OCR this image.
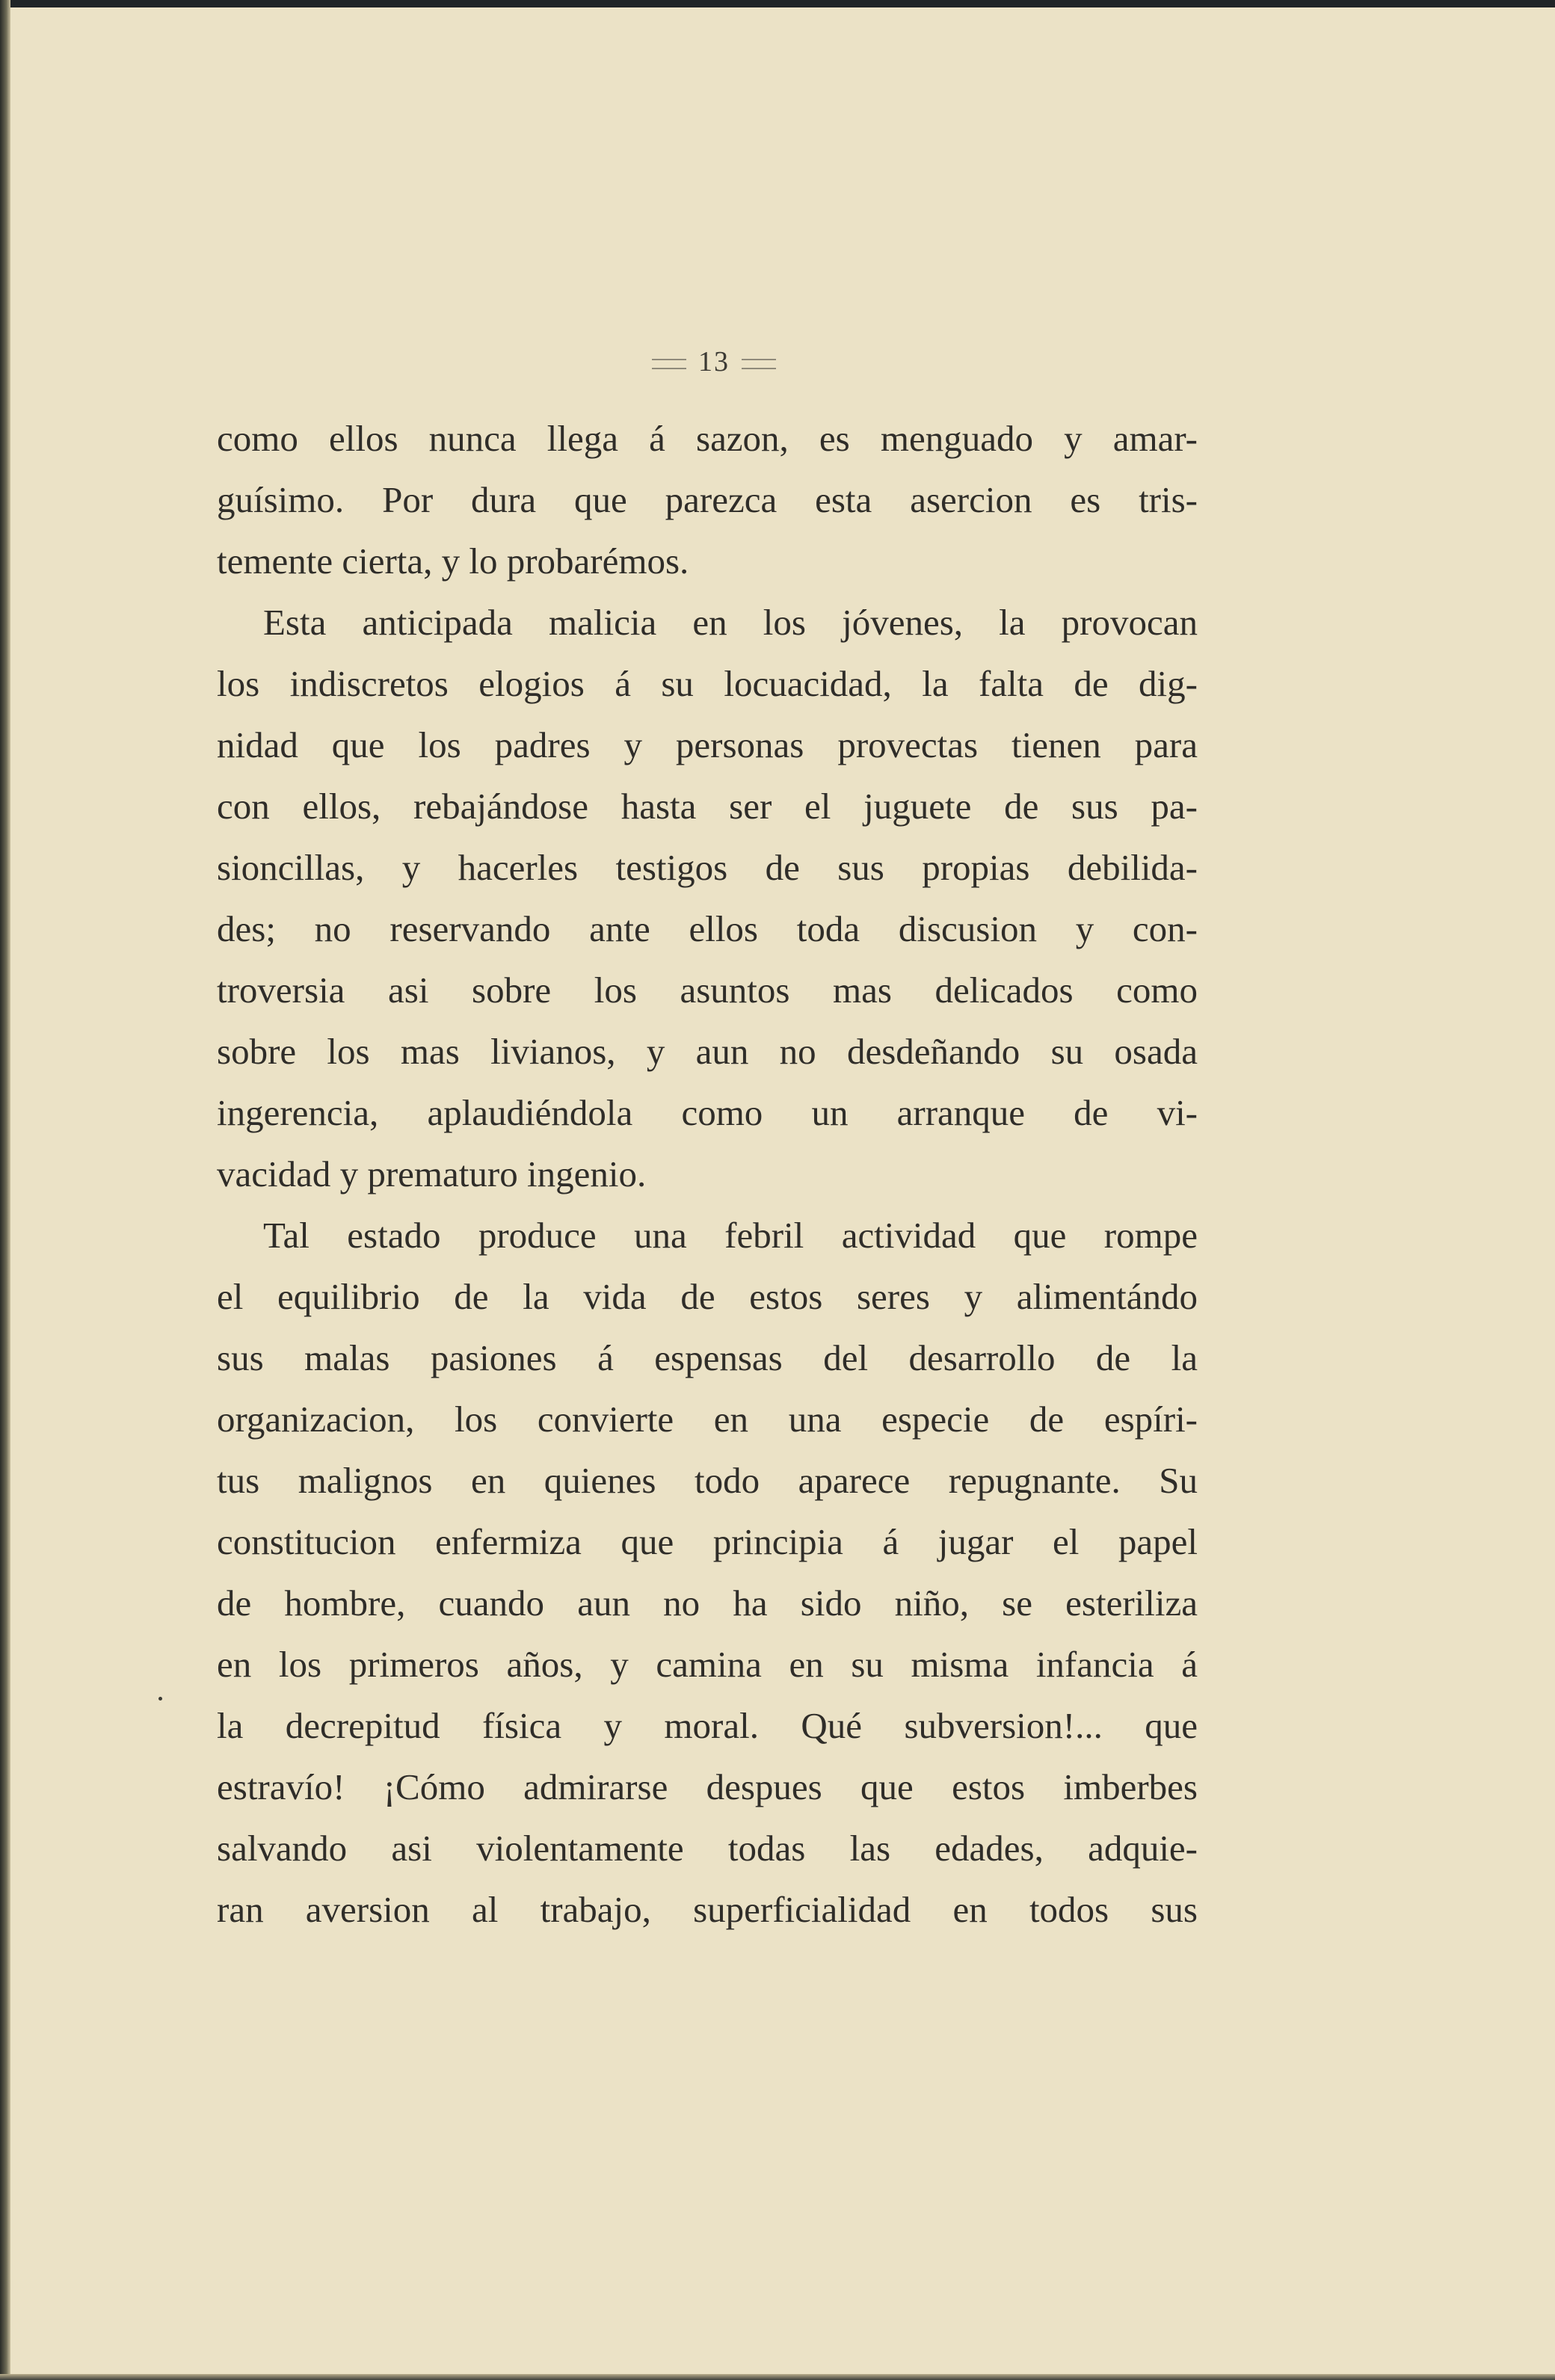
13
como ellos nunca llega á sazon, es menguado y amar-
guísimo. Por dura que parezca esta asercion es tris-
temente cierta, y lo probarémos.
Esta anticipada malicia en los jóvenes, la provocan
los indiscretos elogios á su locuacidad, la falta de dig-
nidad que los padres y personas provectas tienen para
con ellos, rebajándose hasta ser el juguete de sus pa-
sioncillas, y hacerles testigos de sus propias debilida-
des; no reservando ante ellos toda discusion y con-
troversia asi sobre los asuntos mas delicados como
sobre los mas livianos, y aun no desdeñando su osada
ingerencia, aplaudiéndola como un arranque de vi-
vacidad y prematuro ingenio.
Tal estado produce una febril actividad que rompe
el equilibrio de la vida de estos seres y alimentándo
sus malas pasiones á espensas del desarrollo de la
organizacion, los convierte en una especie de espíri-
tus malignos en quienes todo aparece repugnante. Su
constitucion enfermiza que principia á jugar el papel
de hombre, cuando aun no ha sido niño, se esteriliza
en los primeros años, y camina en su misma infancia á
la decrepitud física y moral. Qué subversion!... que
estravío! ¡Cómo admirarse despues que estos imberbes
salvando asi violentamente todas las edades, adquie-
ran aversion al trabajo, superficialidad en todos sus
